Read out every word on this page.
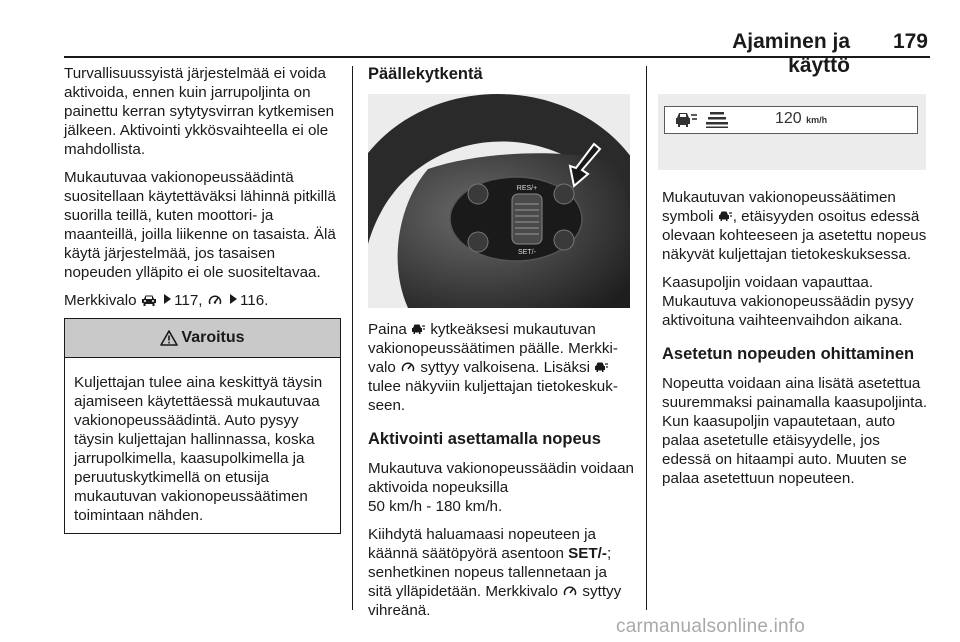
Ajaminen ja käyttö
179

Turvallisuussyistä järjestelmää ei voida aktivoida, ennen kuin jarrupoljinta on painettu kerran sytytysvirran kytkemisen jälkeen. Aktivointi ykkösvaihteella ei ole mahdollista.

Mukautuvaa vakionopeussäädintä suositellaan käytettäväksi lähinnä pitkillä suorilla teillä, kuten moottori- ja maanteillä, joilla liikenne on tasaista. Älä käytä järjestelmää, jos tasaisen nopeuden ylläpito ei ole suositeltavaa.

Merkkivalo 117, 116.

Varoitus
Kuljettajan tulee aina keskittyä täysin ajamiseen käytettäessä mukautuvaa vakionopeussäädintä. Auto pysyy täysin kuljettajan hallinnassa, koska jarrupolkimella, kaasupolkimella ja peruutuskytkimellä on etusija mukautuvan vakionopeussäätimen toimintaan nähden.
Päällekytkentä
RES/+
SET/-

Paina kytkeäksesi mukautuvan vakionopeussäätimen päälle. Merkkivalo syttyy valkoisena. Lisäksi  tulee näkyviin kuljettajan tietokeskukseen.

Aktivointi asettamalla nopeus

Mukautuva vakionopeussäädin voidaan aktivoida nopeuksilla

50 km/h - 180 km/h.

Kiihdytä haluamaasi nopeuteen ja käännä säätöpyörä asentoon SET/-; senhetkinen nopeus tallennetaan ja sitä ylläpidetään. Merkkivalo syttyy vihreänä.

120 km/h

Mukautuvan vakionopeussäätimen symboli , etäisyyden osoitus edessä olevaan kohteeseen ja asetettu nopeus näkyvät kuljettajan tietokeskuksessa.

Kaasupoljin voidaan vapauttaa. Mukautuva vakionopeussäädin pysyy aktivoituna vaihteenvaihdon aikana.

Asetetun nopeuden ohittaminen

Nopeutta voidaan aina lisätä asetettua suuremmaksi painamalla kaasupoljinta. Kun kaasupoljin vapautetaan, auto palaa asetetulle etäisyydelle, jos edessä on hitaampi auto. Muuten se palaa asetettuun nopeuteen.

carmanualsonline.info
